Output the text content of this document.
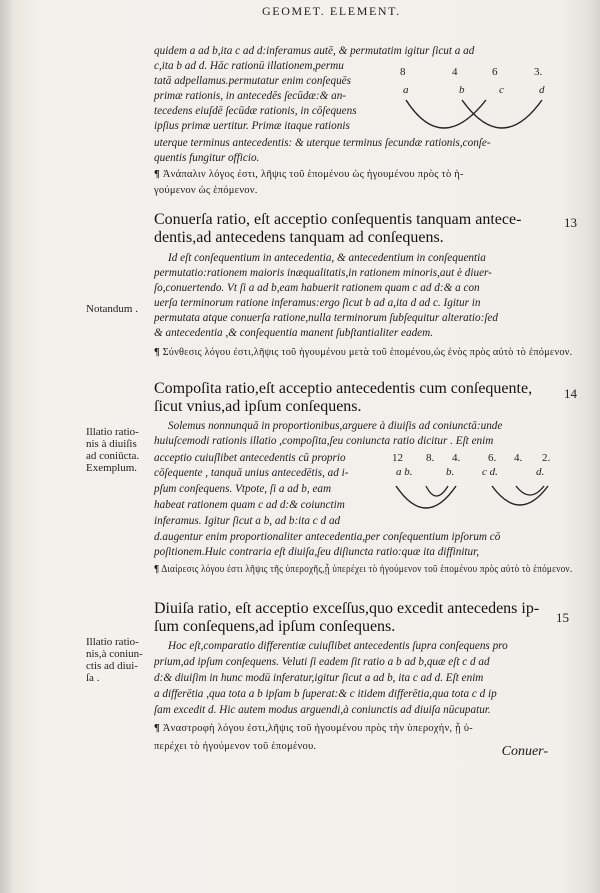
GEOMET. ELEMENT.
quidem a ad b,ita c ad d:inferamus autē, & permutatim igitur ſicut a ad
c,ita b ad d. Hāc rationū illationem,permu
tatā adpellamus.permutatur enim conſequēs
primæ rationis, in antecedēs ſecūdæ:& an-
tecedens eiuſdē ſecūdæ rationis, in cōſequens
ipſius primæ uertitur. Primæ itaque rationis
uterque terminus antecedentis: & uterque terminus ſecundæ rationis,conſe-
quentis fungitur officio.
8	4	6	3.
a	b	c	d
¶ Ἀνάπαλιν λόγος ἐστι, λῆψις τοῦ ἑπομένου ὡς ἡγουμένου πρὸς τὸ ἡ-
γούμενον ὡς ἑπόμενον.
Conuerſa ratio, eſt acceptio conſequentis tanquam antece-
dentis,ad antecedens tanquam ad conſequens.
13
Id eſt conſequentium in antecedentia, & antecedentium in conſequentia
permutatio:rationem maioris inæqualitatis,in rationem minoris,aut è diuer-
ſo,conuertendo. Vt ſi a ad b,eam habuerit rationem quam c ad d:& a con
uerſa terminorum ratione inferamus:ergo ſicut b ad a,ita d ad c. Igitur in
permutata atque conuerſa ratione,nulla terminorum ſubſequitur alteratio:ſed
& antecedentia ,& conſequentia manent ſubſtantialiter eadem.
Notandum .
¶ Σύνθεσις λόγου ἐστι,λῆψις τοῦ ἡγουμένου μετὰ τοῦ ἑπομένου,ὡς ἑνὸς πρὸς αὐτὸ τὸ ἑπόμενον.
Compoſita ratio,eſt acceptio antecedentis cum conſequente,
ſicut vnius,ad ipſum conſequens.
14
Solemus nonnunquā in proportionibus,arguere à diuiſis ad coniunctā:unde
huiuſcemodi rationis illatio ,compoſita,ſeu coniuncta ratio dicitur . Eſt enim
acceptio cuiuſlibet antecedentis cū proprio
cōſequente , tanquā unius antecedētis, ad i-
pſum conſequens. Vtpote, ſi a ad b, eam
habeat rationem quam c ad d:& coiunctim
inferamus. Igitur ſicut a b, ad b:ita c d ad
d.augentur enim proportionaliter antecedentia,per conſequentium ipſorum cō
poſitionem.Huic contraria eſt diuiſa,ſeu diſiuncta ratio:quæ ita diffinitur,
Illatio ratio-
nis à diuiſis
ad coniūcta.
Exemplum.
12 8. 4.	6. 4. 2.
a b.	b.	c d.	d.
¶ Διαίρεσις λόγου ἐστι λῆψις τῆς ὑπεροχῆς,ᾗ ὑπερέχει τὸ ἡγούμενον τοῦ ἑπομένου πρὸς αὐτὸ τὸ ἑπόμενον.
Diuiſa ratio, eſt acceptio exceſſus,quo excedit antecedens ip-
ſum conſequens,ad ipſum conſequens.
15
Hoc eſt,comparatio differentiæ cuiuſlibet antecedentis ſupra conſequens pro
prium,ad ipſum conſequens. Veluti ſi eadem ſit ratio a b ad b,quæ eſt c d ad
d:& diuiſim in hunc modū inferatur,igitur ſicut a ad b, ita c ad d. Eſt enim
a differētia ,qua tota a b ipſam b ſuperat:& c itidem differētia,qua tota c d ip
ſam excedit d. Hic autem modus arguendi,à coniunctis ad diuiſa nūcupatur.
Illatio ratio-
nis,à coniun-
ctis ad diui-
ſa .
¶ Ἀναστροφὴ λόγου ἐστι,λῆψις τοῦ ἡγουμένου πρὸς τὴν ὑπεροχήν, ᾗ ὑ-
περέχει τὸ ἡγούμενον τοῦ ἑπομένου.	Conuer-
